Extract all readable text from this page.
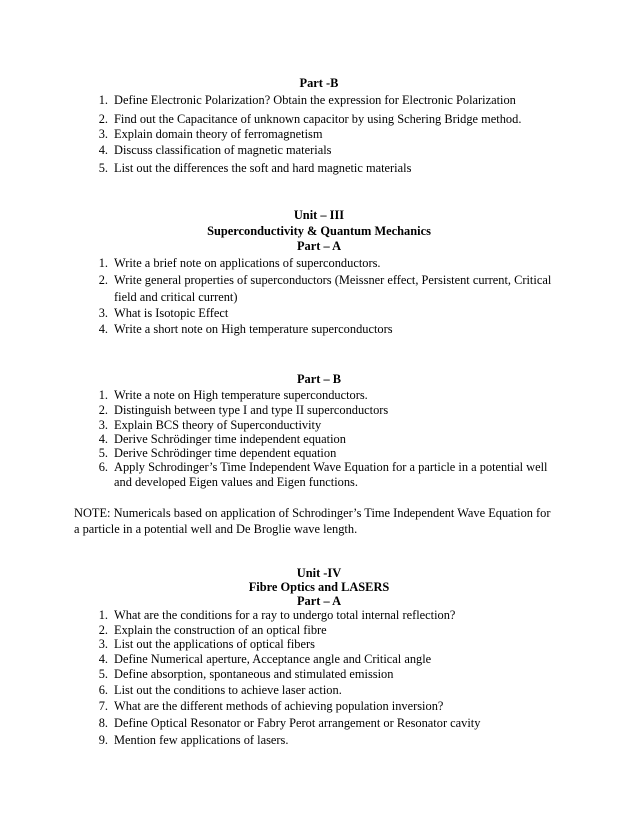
Part -B
1. Define Electronic Polarization? Obtain the expression for Electronic Polarization
2. Find out the Capacitance of unknown capacitor by using Schering Bridge method.
3. Explain domain theory of ferromagnetism
4. Discuss classification of magnetic materials
5. List out the differences the soft and hard magnetic materials
Unit – III
Superconductivity & Quantum Mechanics
Part – A
1. Write a brief note on applications of superconductors.
2. Write general properties of superconductors (Meissner effect, Persistent current, Critical
field and critical current)
3. What is Isotopic Effect
4. Write a short note on High temperature superconductors
Part – B
1. Write a note on High temperature superconductors.
2. Distinguish between type I and type II superconductors
3. Explain BCS theory of Superconductivity
4. Derive Schrödinger time independent equation
5. Derive Schrödinger time dependent equation
6. Apply Schrodinger’s Time Independent Wave Equation for a particle in a potential well
and developed Eigen values and Eigen functions.
NOTE: Numericals based on application of Schrodinger’s Time Independent Wave Equation for
a particle in a potential well and De Broglie wave length.
Unit -IV
Fibre Optics and LASERS
Part – A
1. What are the conditions for a ray to undergo total internal reflection?
2. Explain the construction of an optical fibre
3. List out the applications of optical fibers
4. Define Numerical aperture, Acceptance angle and Critical angle
5. Define absorption, spontaneous and stimulated emission
6. List out the conditions to achieve laser action.
7. What are the different methods of achieving population inversion?
8. Define Optical Resonator or Fabry Perot arrangement or Resonator cavity
9. Mention few applications of lasers.
